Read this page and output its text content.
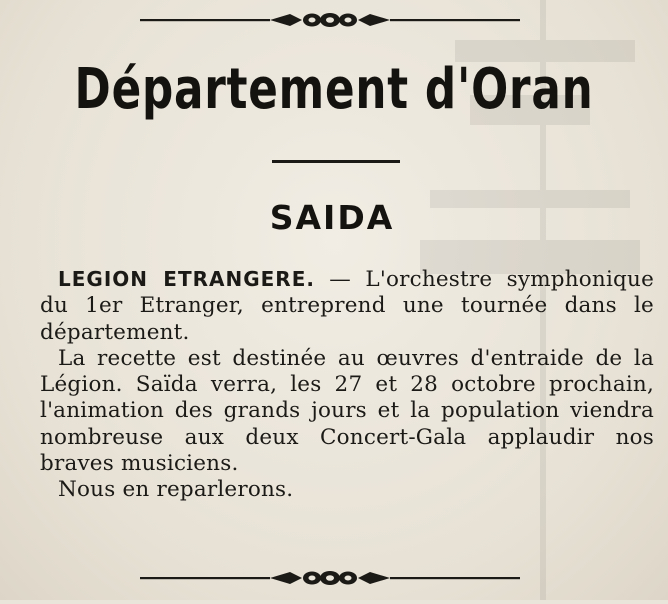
Département d'Oran
SAIDA

LEGION ETRANGERE. — L'orchestre symphonique du 1er Etranger, entreprend une tournée dans le département.

La recette est destinée au œuvres d'entraide de la Légion. Saïda verra, les 27 et 28 octobre prochain, l'animation des grands jours et la population viendra nombreuse aux deux Concert-Gala applaudir nos braves musiciens.

Nous en reparlerons.
